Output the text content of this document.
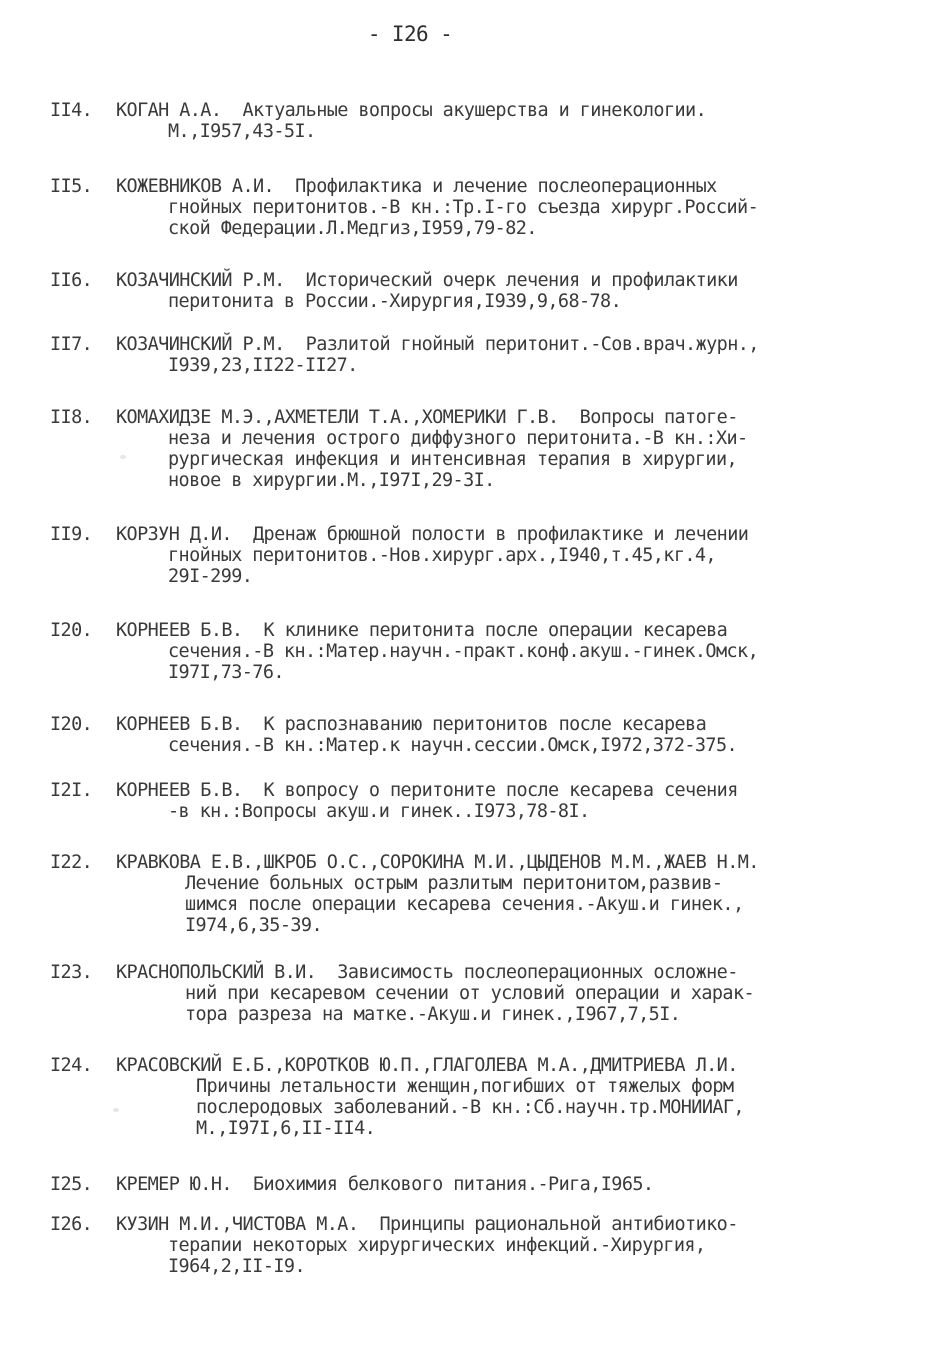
- I26 -
II4. КОГАН А.А.  Актуальные вопросы акушерства и гинекологии.
М.,I957,43-5I.
II5. КОЖЕВНИКОВ А.И.  Профилактика и лечение послеоперационных
гнойных перитонитов.-В кн.:Тр.I-го съезда хирург.Россий-
ской Федерации.Л.Медгиз,I959,79-82.
II6. КОЗАЧИНСКИЙ Р.М.  Исторический очерк лечения и профилактики
перитонита в России.-Хирургия,I939,9,68-78.
II7. КОЗАЧИНСКИЙ Р.М.  Разлитой гнойный перитонит.-Сов.врач.журн.,
I939,23,II22-II27.
II8. КОМАХИДЗЕ М.Э.,АХМЕТЕЛИ Т.А.,ХОМЕРИКИ Г.В.  Вопросы патоге-
неза и лечения острого диффузного перитонита.-В кн.:Хи-
рургическая инфекция и интенсивная терапия в хирургии,
новое в хирургии.М.,I97I,29-3I.
II9. КОРЗУН Д.И.  Дренаж брюшной полости в профилактике и лечении
гнойных перитонитов.-Нов.хирург.арх.,I940,т.45,кг.4,
29I-299.
I20. КОРНЕЕВ Б.В.  К клинике перитонита после операции кесарева
сечения.-В кн.:Матер.научн.-практ.конф.акуш.-гинек.Омск,
I97I,73-76.
I20. КОРНЕЕВ Б.В.  К распознаванию перитонитов после кесарева
сечения.-В кн.:Матер.к научн.сессии.Омск,I972,372-375.
I2I. КОРНЕЕВ Б.В.  К вопросу о перитоните после кесарева сечения
-в кн.:Вопросы акуш.и гинек..I973,78-8I.
I22. КРАВКОВА Е.В.,ШКРОБ О.С.,СОРОКИНА М.И.,ЦЫДЕНОВ М.М.,ЖАЕВ Н.М.
Лечение больных острым разлитым перитонитом,развив-
шимся после операции кесарева сечения.-Акуш.и гинек.,
I974,6,35-39.
I23. КРАСНОПОЛЬСКИЙ В.И.  Зависимость послеоперационных осложне-
ний при кесаревом сечении от условий операции и харак-
тора разреза на матке.-Акуш.и гинек.,I967,7,5I.
I24. КРАСОВСКИЙ Е.Б.,КОРОТКОВ Ю.П.,ГЛАГОЛЕВА М.А.,ДМИТРИЕВА Л.И.
Причины летальности женщин,погибших от тяжелых форм
послеродовых заболеваний.-В кн.:Сб.научн.тр.МОНИИАГ,
М.,I97I,6,II-II4.
I25. КРЕМЕР Ю.Н.  Биохимия белкового питания.-Рига,I965.
I26. КУЗИН М.И.,ЧИСТОВА М.А.  Принципы рациональной антибиотико-
терапии некоторых хирургических инфекций.-Хирургия,
I964,2,II-I9.
